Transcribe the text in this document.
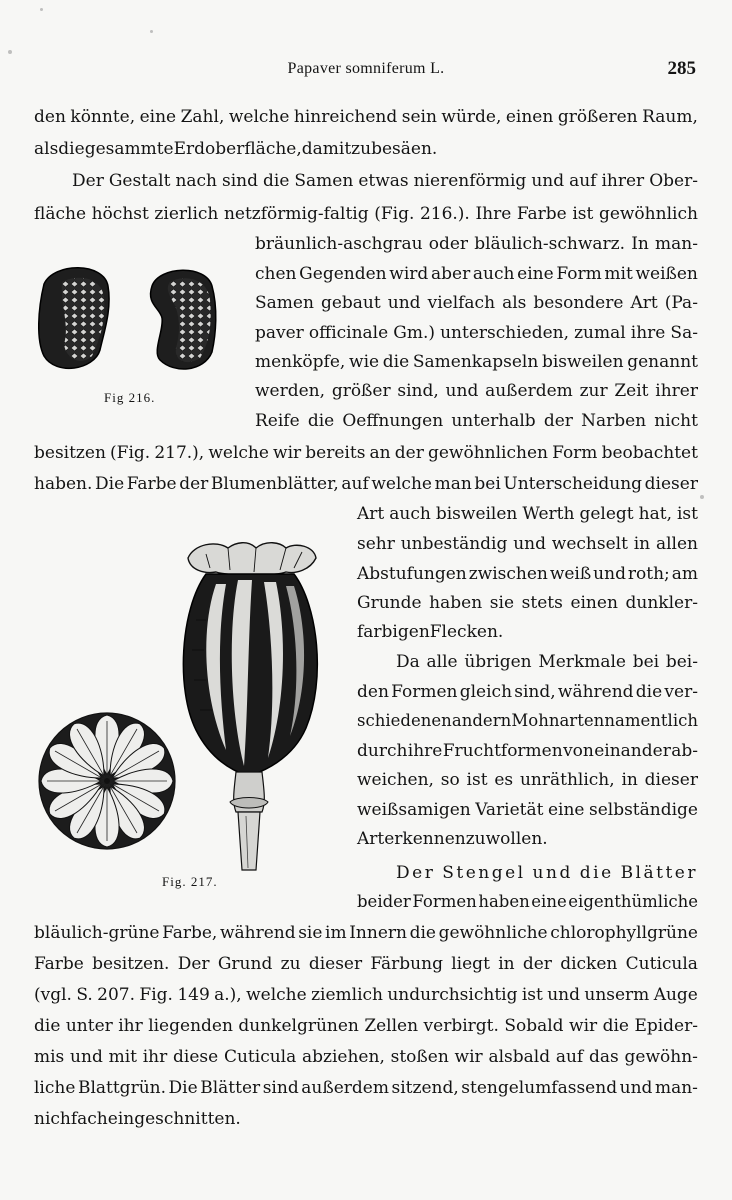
Papaver somniferum L.	285
Fig 216.
Fig. 217.
den könnte, eine Zahl, welche hinreichend sein würde, einen größeren Raum,
als die gesammte Erdoberfläche, damit zu besäen.
Der Gestalt nach sind die Samen etwas nierenförmig und auf ihrer Ober-
fläche höchst zierlich netzförmig-faltig (Fig. 216.). Ihre Farbe ist gewöhnlich
bräunlich-aschgrau oder bläulich-schwarz. In man-
chen Gegenden wird aber auch eine Form mit weißen
Samen gebaut und vielfach als besondere Art (Pa-
paver officinale Gm.) unterschieden, zumal ihre Sa-
menköpfe, wie die Samenkapseln bisweilen genannt
werden, größer sind, und außerdem zur Zeit ihrer
Reife die Oeffnungen unterhalb der Narben nicht
besitzen (Fig. 217.), welche wir bereits an der gewöhnlichen Form beobachtet
haben. Die Farbe der Blumenblätter, auf welche man bei Unterscheidung dieser
Art auch bisweilen Werth gelegt hat, ist
sehr unbeständig und wechselt in allen
Abstufungen zwischen weiß und roth; am
Grunde haben sie stets einen dunkler-
farbigen Flecken.
Da alle übrigen Merkmale bei bei-
den Formen gleich sind, während die ver-
schiedenen andern Mohnarten namentlich
durch ihre Fruchtformen von einander ab-
weichen, so ist es unräthlich, in dieser
weißsamigen Varietät eine selbständige
Art erkennen zu wollen.
Der Stengel und die Blätter
beider Formen haben eine eigenthümliche
bläulich-grüne Farbe, während sie im Innern die gewöhnliche chlorophyllgrüne
Farbe besitzen. Der Grund zu dieser Färbung liegt in der dicken Cuticula
(vgl. S. 207. Fig. 149 a.), welche ziemlich undurchsichtig ist und unserm Auge
die unter ihr liegenden dunkelgrünen Zellen verbirgt. Sobald wir die Epider-
mis und mit ihr diese Cuticula abziehen, stoßen wir alsbald auf das gewöhn-
liche Blattgrün. Die Blätter sind außerdem sitzend, stengelumfassend und man-
nichfach eingeschnitten.
